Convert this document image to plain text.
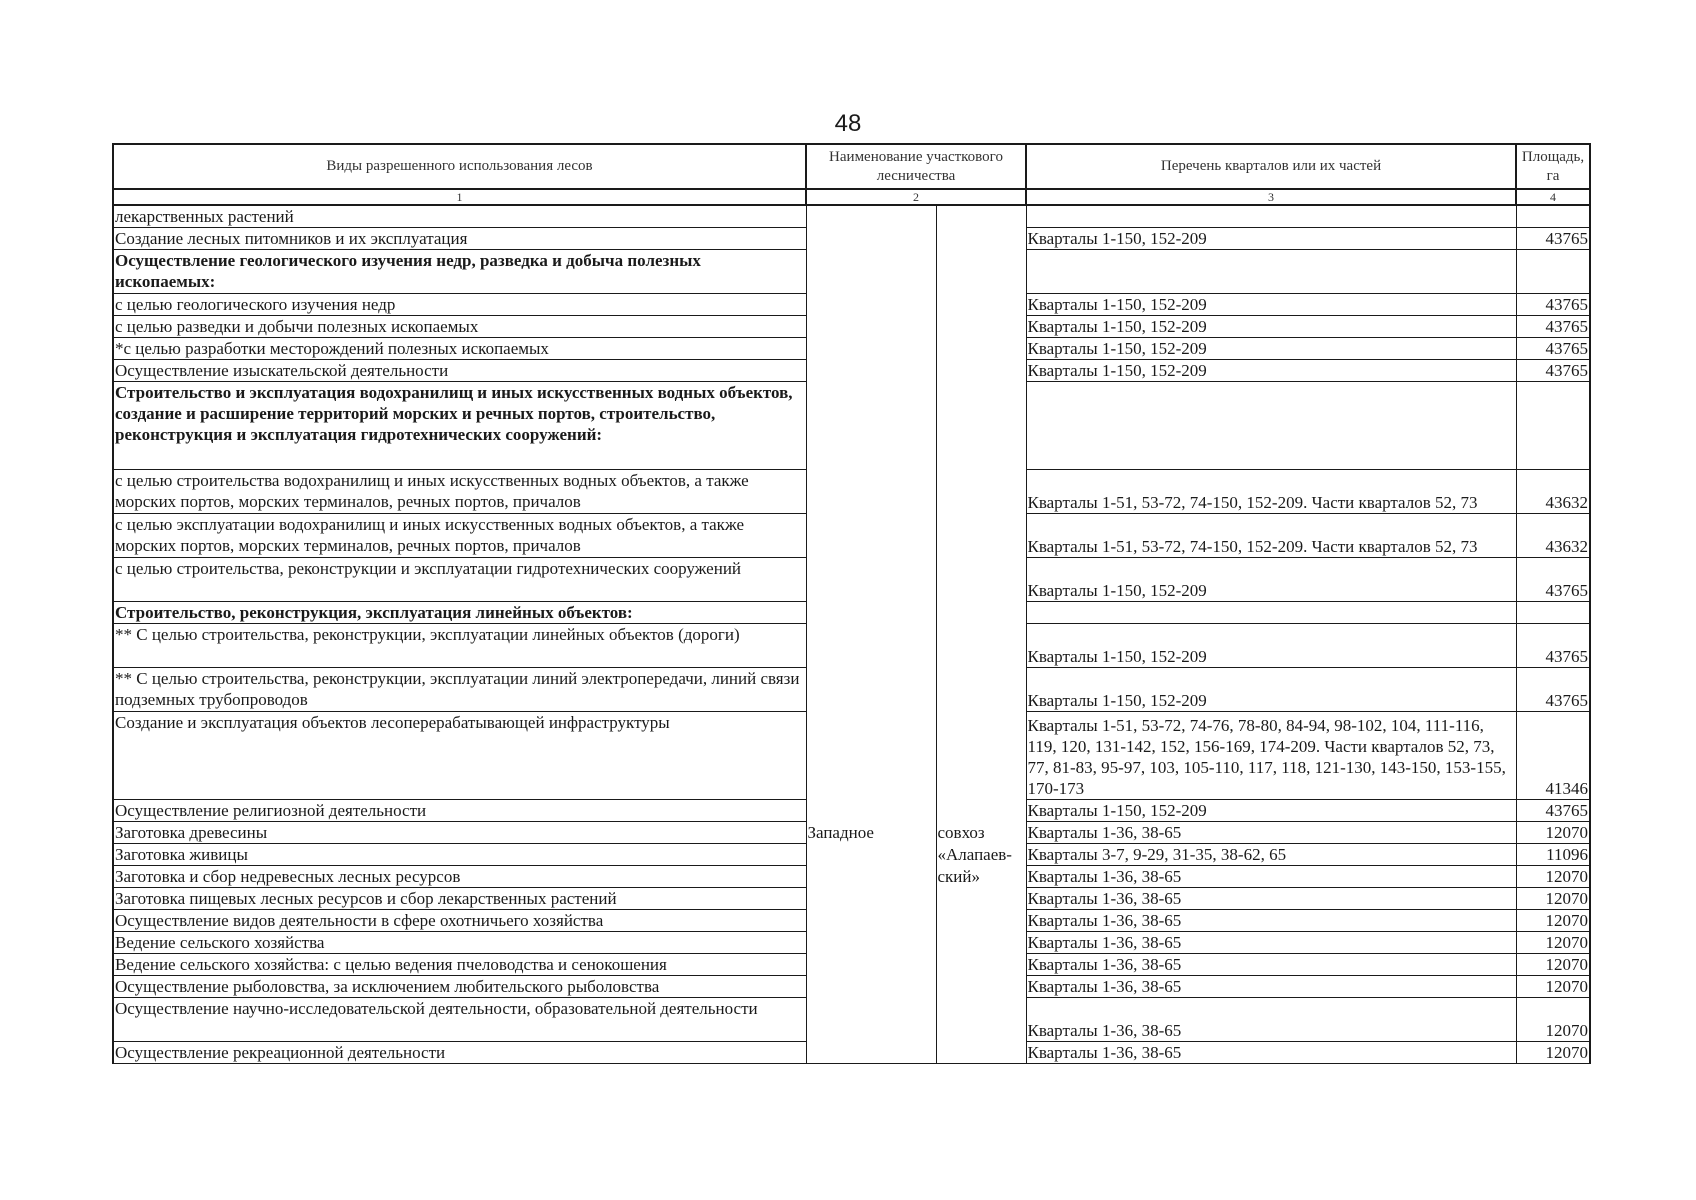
48
Виды разрешенного использования лесов	Наименование участкового лесничества		Перечень кварталов или их частей	Площадь, га
1	2		3	4
лекарственных растений				
Создание лесных питомников и их эксплуатация			Кварталы 1-150, 152-209	43765
Осуществление геологического изучения недр, разведка и добыча полезных ископаемых:				
с целью геологического изучения недр			Кварталы 1-150, 152-209	43765
с целью разведки и добычи полезных ископаемых			Кварталы 1-150, 152-209	43765
*с целью разработки месторождений полезных ископаемых			Кварталы 1-150, 152-209	43765
Осуществление изыскательской деятельности			Кварталы 1-150, 152-209	43765
Строительство и эксплуатация водохранилищ и иных искусственных водных объектов, создание и расширение территорий морских и речных портов, строительство, реконструкция и эксплуатация гидротехнических сооружений:				
с целью строительства водохранилищ и иных искусственных водных объектов, а также морских портов, морских терминалов, речных портов, причалов			Кварталы 1-51, 53-72, 74-150, 152-209. Части кварталов 52, 73	43632
с целью эксплуатации водохранилищ и иных искусственных водных объектов, а также морских портов, морских терминалов, речных портов, причалов			Кварталы 1-51, 53-72, 74-150, 152-209. Части кварталов 52, 73	43632
с целью строительства, реконструкции и эксплуатации гидротехнических сооружений			Кварталы 1-150, 152-209	43765
Строительство, реконструкция, эксплуатация линейных объектов:				
** С целью строительства, реконструкции, эксплуатации линейных объектов (дороги)			Кварталы 1-150, 152-209	43765
** С целью строительства, реконструкции, эксплуатации линий электропередачи, линий связи подземных трубопроводов			Кварталы 1-150, 152-209	43765
Создание и эксплуатация объектов лесоперерабатывающей инфраструктуры			Кварталы 1-51, 53-72, 74-76, 78-80, 84-94, 98-102, 104, 111-116, 119, 120, 131-142, 152, 156-169, 174-209. Части кварталов 52, 73, 77, 81-83, 95-97, 103, 105-110, 117, 118, 121-130, 143-150, 153-155, 170-173	41346
Осуществление религиозной деятельности			Кварталы 1-150, 152-209	43765
Заготовка древесины	Западное	совхоз	Кварталы 1-36, 38-65	12070
Заготовка живицы		«Алапаев-	Кварталы 3-7, 9-29, 31-35, 38-62, 65	11096
Заготовка и сбор недревесных лесных ресурсов		ский»	Кварталы 1-36, 38-65	12070
Заготовка пищевых лесных ресурсов и сбор лекарственных растений			Кварталы 1-36, 38-65	12070
Осуществление видов деятельности в сфере охотничьего хозяйства			Кварталы 1-36, 38-65	12070
Ведение сельского хозяйства			Кварталы 1-36, 38-65	12070
Ведение сельского хозяйства: с целью ведения пчеловодства и сенокошения			Кварталы 1-36, 38-65	12070
Осуществление рыболовства, за исключением любительского рыболовства			Кварталы 1-36, 38-65	12070
Осуществление научно-исследовательской деятельности, образовательной деятельности			Кварталы 1-36, 38-65	12070
Осуществление рекреационной деятельности			Кварталы 1-36, 38-65	12070
